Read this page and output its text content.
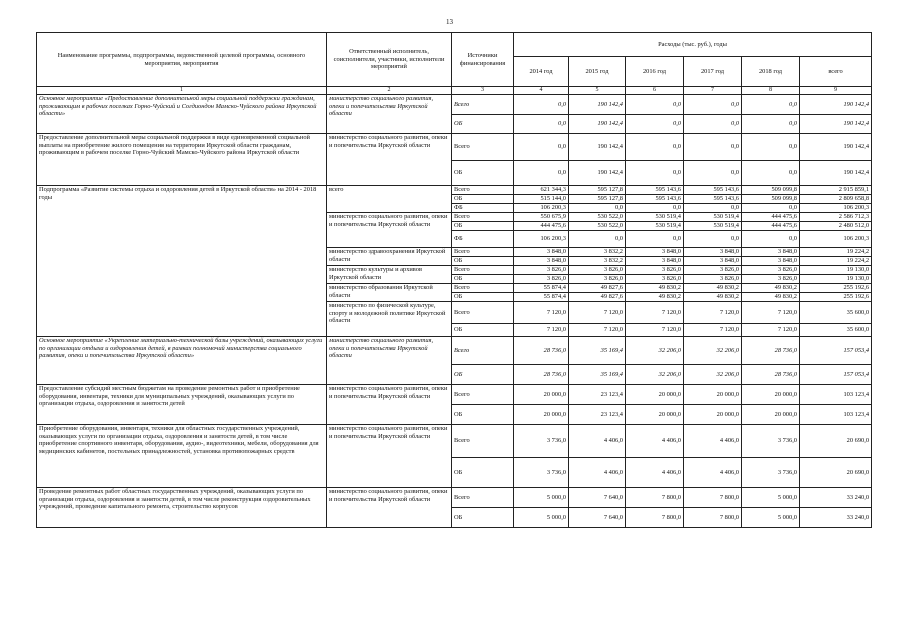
13
Наименование программы, подпрограммы, ведомственной целевой программы, основного мероприятия, мероприятия	Ответственный исполнитель, соисполнители, участники, исполнители мероприятий	Источники финансирования	Расходы (тыс. руб.), годы					
			2014 год	2015 год	2016 год	2017 год	2018 год	всего
1	2	3	4	5	6	7	8	9
Основное мероприятие «Предоставление дополнительной меры социальной поддержки гражданам, проживающим в рабочих поселках Горно-Чуйский и Согдиондон Мамско-Чуйского района Иркутской области»	министерство социального развития, опеки и попечительства Иркутской области	Всего	0,0	190 142,4	0,0	0,0	0,0	190 142,4
		ОБ	0,0	190 142,4	0,0	0,0	0,0	190 142,4
Предоставление дополнительной меры социальной поддержки в виде единовременной социальной выплаты на приобретение жилого помещения на территории Иркутской области гражданам, проживающим в рабочем поселке Горно-Чуйский Мамско-Чуйского района Иркутской области	министерство социального развития, опеки и попечительства Иркутской области	Всего	0,0	190 142,4	0,0	0,0	0,0	190 142,4
		ОБ	0,0	190 142,4	0,0	0,0	0,0	190 142,4
Подпрограмма «Развитие системы отдыха и оздоровления детей в Иркутской области» на 2014 - 2018 годы	всего	Всего	621 344,3	595 127,8	595 143,6	595 143,6	509 099,8	2 915 859,1
		ОБ	515 144,0	595 127,8	595 143,6	595 143,6	509 099,8	2 809 658,8
		ФБ	106 200,3	0,0	0,0	0,0	0,0	106 200,3
	министерство социального развития, опеки и попечительства Иркутской области	Всего	550 675,9	530 522,0	530 519,4	530 519,4	444 475,6	2 586 712,3
		ОБ	444 475,6	530 522,0	530 519,4	530 519,4	444 475,6	2 480 512,0
		ФБ	106 200,3	0,0	0,0	0,0	0,0	106 200,3
	министерство здравоохранения Иркутской области	Всего	3 848,0	3 832,2	3 848,0	3 848,0	3 848,0	19 224,2
		ОБ	3 848,0	3 832,2	3 848,0	3 848,0	3 848,0	19 224,2
	министерство культуры и архивов Иркутской области	Всего	3 826,0	3 826,0	3 826,0	3 826,0	3 826,0	19 130,0
		ОБ	3 826,0	3 826,0	3 826,0	3 826,0	3 826,0	19 130,0
	министерство образования Иркутской области	Всего	55 874,4	49 827,6	49 830,2	49 830,2	49 830,2	255 192,6
		ОБ	55 874,4	49 827,6	49 830,2	49 830,2	49 830,2	255 192,6
	министерство по физической культуре, спорту и молодежной политике Иркутской области	Всего	7 120,0	7 120,0	7 120,0	7 120,0	7 120,0	35 600,0
		ОБ	7 120,0	7 120,0	7 120,0	7 120,0	7 120,0	35 600,0
Основное мероприятие «Укрепление материально-технической базы учреждений, оказывающих услуги по организации отдыха и оздоровления детей, в рамках полномочий министерства социального развития, опеки и попечительства Иркутской области»	министерство социального развития, опеки и попечительства Иркутской области	Всего	28 736,0	35 169,4	32 206,0	32 206,0	28 736,0	157 053,4
		ОБ	28 736,0	35 169,4	32 206,0	32 206,0	28 736,0	157 053,4
Предоставление субсидий местным бюджетам на проведение ремонтных работ и приобретение оборудования, инвентаря, техники для муниципальных учреждений, оказывающих услуги по организации отдыха, оздоровления и занятости детей	министерство социального развития, опеки и попечительства Иркутской области	Всего	20 000,0	23 123,4	20 000,0	20 000,0	20 000,0	103 123,4
		ОБ	20 000,0	23 123,4	20 000,0	20 000,0	20 000,0	103 123,4
Приобретение оборудования, инвентаря, техники для областных государственных учреждений, оказывающих услуги по организации отдыха, оздоровления и занятости детей, в том числе приобретение спортивного инвентаря, оборудования, аудио-, видеотехники, мебели, оборудования для медицинских кабинетов, постельных принадлежностей, установка противопожарных средств	министерство социального развития, опеки и попечительства Иркутской области	Всего	3 736,0	4 406,0	4 406,0	4 406,0	3 736,0	20 690,0
		ОБ	3 736,0	4 406,0	4 406,0	4 406,0	3 736,0	20 690,0
Проведение ремонтных работ областных государственных учреждений, оказывающих услуги по организации отдыха, оздоровления и занятости детей, в том числе реконструкция оздоровительных учреждений, проведение капитального ремонта, строительство корпусов	министерство социального развития, опеки и попечительства Иркутской области	Всего	5 000,0	7 640,0	7 800,0	7 800,0	5 000,0	33 240,0
		ОБ	5 000,0	7 640,0	7 800,0	7 800,0	5 000,0	33 240,0
